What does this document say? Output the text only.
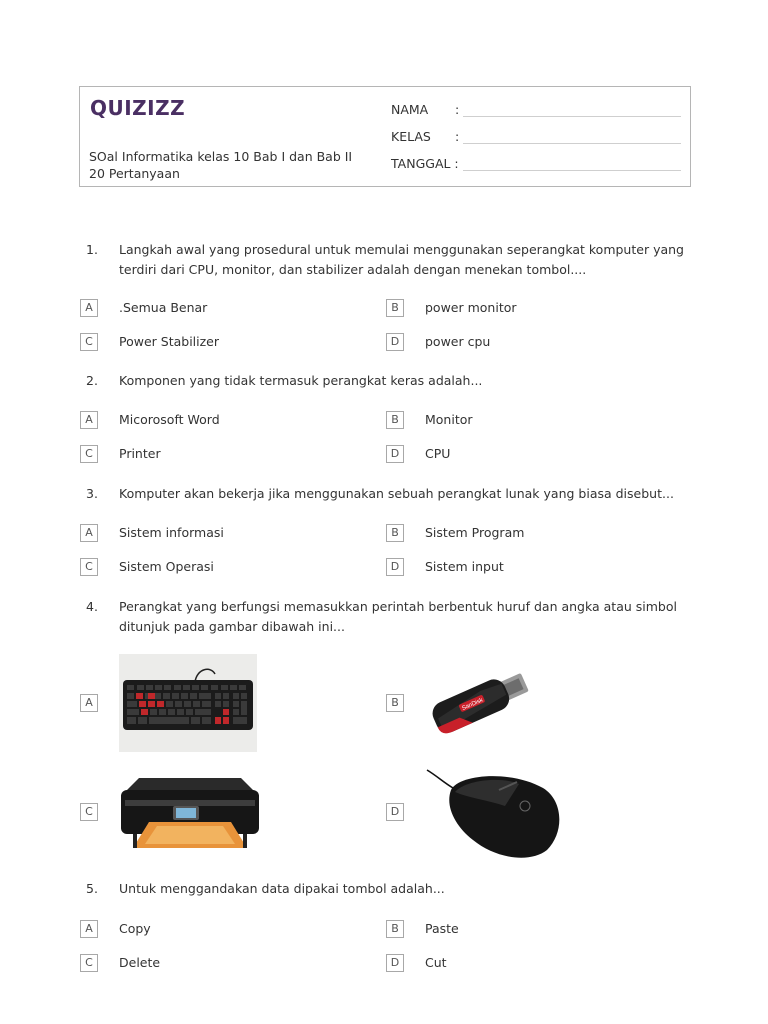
QUIZIZZ
SOal Informatika kelas 10 Bab I dan Bab II
20 Pertanyaan
NAMA :
KELAS :
TANGGAL :
1. Langkah awal yang prosedural untuk memulai menggunakan seperangkat komputer yang terdiri dari CPU, monitor, dan stabilizer adalah dengan menekan tombol....
A	.Semua Benar	B	power monitor
C	Power Stabilizer	D	power cpu
2. Komponen yang tidak termasuk perangkat keras adalah...
A	Micorosoft Word	B	Monitor
C	Printer	D	CPU
3. Komputer akan bekerja jika menggunakan sebuah perangkat lunak yang biasa disebut...
A	Sistem informasi	B	Sistem Program
C	Sistem Operasi	D	Sistem input
4. Perangkat yang berfungsi memasukkan perintah berbentuk huruf dan angka atau simbol ditunjuk pada gambar dibawah ini...
A	B	SanDisk
C	D
5. Untuk menggandakan data dipakai tombol adalah...
A	Copy	B	Paste
C	Delete	D	Cut
